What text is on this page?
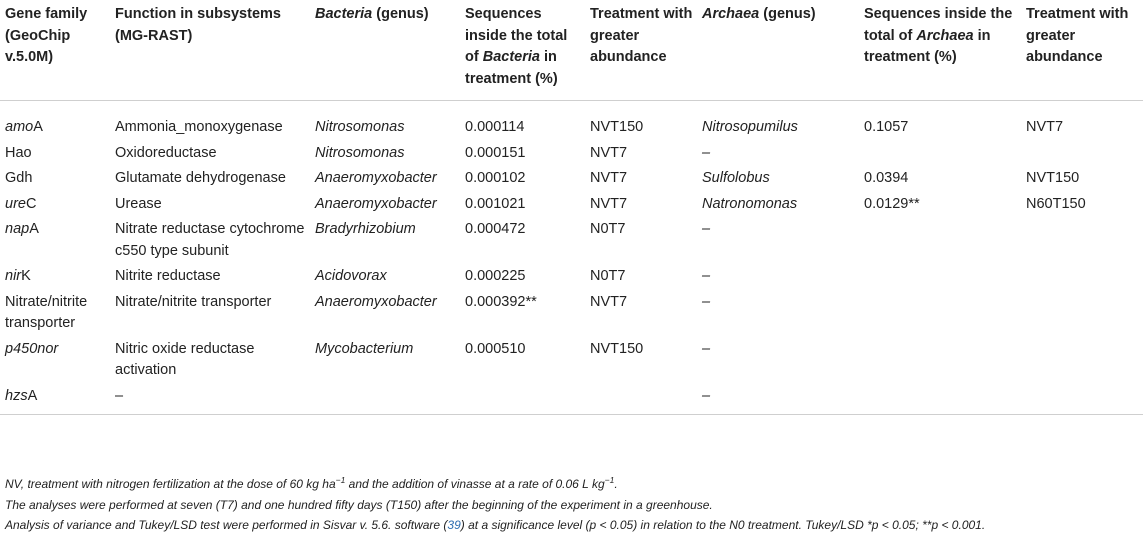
Gene family (GeoChip v.5.0M)	Function in subsystems (MG-RAST)	Bacteria (genus)	Sequences inside the total of Bacteria in treatment (%)	Treatment with greater abundance	Archaea (genus)	Sequences inside the total of Archaea in treatment (%)	Treatment with greater abundance
amoA	Ammonia_monoxygenase	Nitrosomonas	0.000114	NVT150	Nitrosopumilus	0.1057	NVT7
Hao	Oxidoreductase	Nitrosomonas	0.000151	NVT7	–		
Gdh	Glutamate dehydrogenase	Anaeromyxobacter	0.000102	NVT7	Sulfolobus	0.0394	NVT150
ureC	Urease	Anaeromyxobacter	0.001021	NVT7	Natronomonas	0.0129**	N60T150
napA	Nitrate reductase cytochrome c550 type subunit	Bradyrhizobium	0.000472	N0T7	–		
nirK	Nitrite reductase	Acidovorax	0.000225	N0T7	–		
Nitrate/nitrite transporter	Nitrate/nitrite transporter	Anaeromyxobacter	0.000392**	NVT7	–		
p450nor	Nitric oxide reductase activation	Mycobacterium	0.000510	NVT150	–		
hzsA	–				–		

NV, treatment with nitrogen fertilization at the dose of 60 kg $ha^{-1}$ and the addition of vinasse at a rate of 0.06 L $kg^{-1}$.

The analyses were performed at seven (T7) and one hundred fifty days (T150) after the beginning of the experiment in a greenhouse.

Analysis of variance and Tukey/LSD test were performed in Sisvar v. 5.6. software (39) at a significance level (p < 0.05) in relation to the N0 treatment. Tukey/LSD *p < 0.05; **p < 0.001.
